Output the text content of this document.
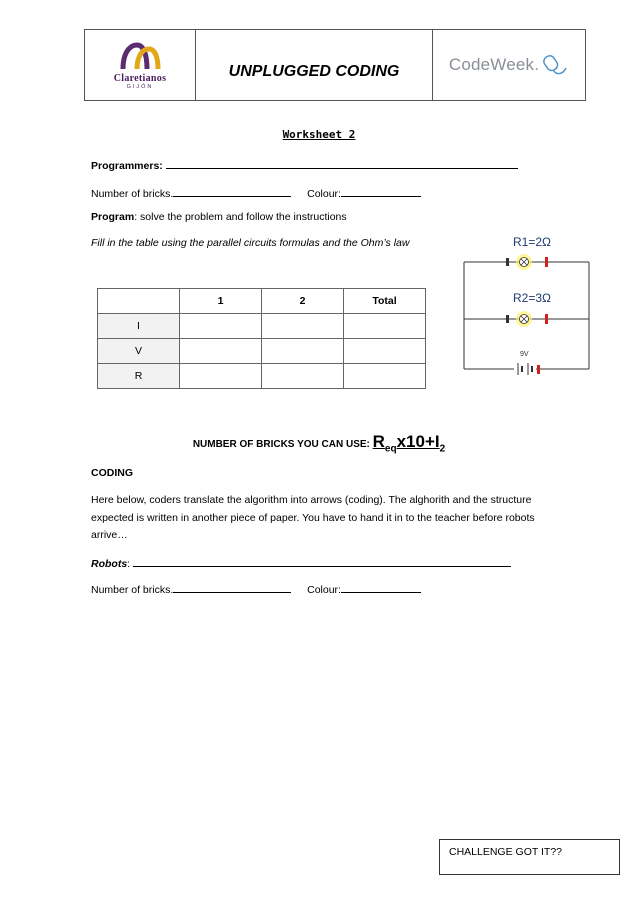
Claretianos
GIJÓN
UNPLUGGED CODING	CodeWeek.
Worksheet 2
Programmers:
Number of bricks.	Colour:
Program: solve the problem and follow the instructions
Fill in the table using the parallel circuits formulas and the Ohm’s law
	1	2	Total
I			
V			
R			
R1=2Ω
R2=3Ω
9V
NUMBER OF BRICKS YOU CAN USE: $R_{eq}x10+I_2$
CODING
Here below, coders translate the algorithm into arrows (coding). The alghorith and the structure expected is written in another piece of paper. You have to hand it in to the teacher before robots arrive…
Robots:
Number of bricks.	Colour:
CHALLENGE GOT IT??
